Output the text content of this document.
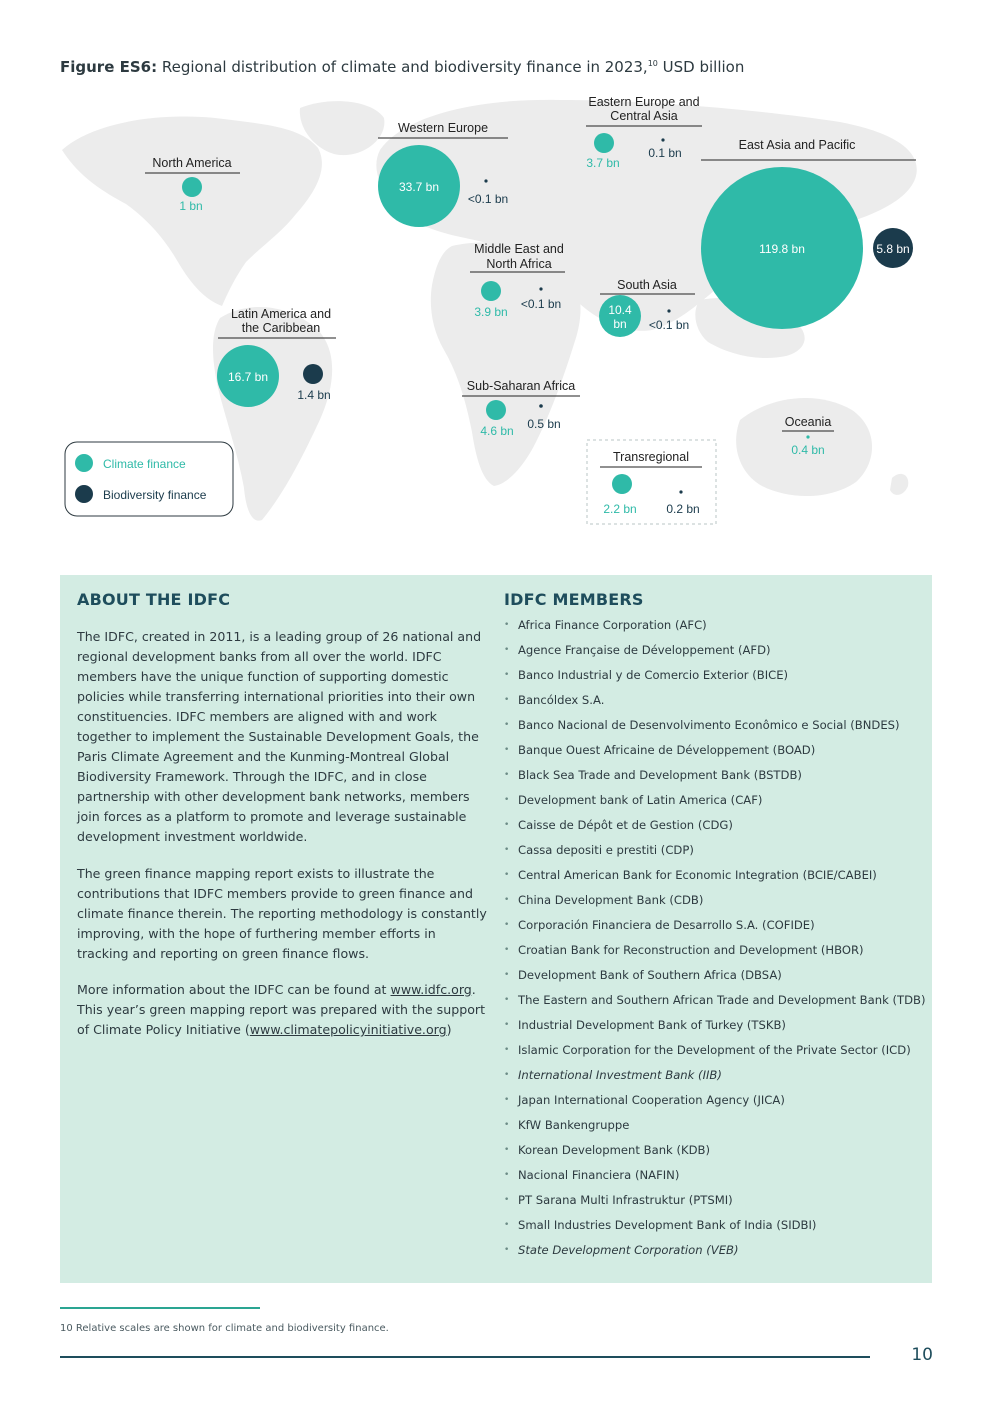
Figure ES6: Regional distribution of climate and biodiversity finance in 2023,10 USD billion
Climate finance
Biodiversity finance
North America
1 bn
Western Europe
33.7 bn
<0.1 bn
Eastern Europe and
Central Asia
3.7 bn
0.1 bn
East Asia and Pacific
119.8 bn	5.8 bn
Middle East and
North Africa
3.9 bn
<0.1 bn
South Asia
10.4
bn <0.1 bn
Latin America and
the Caribbean
16.7 bn
1.4 bn
Sub-Saharan Africa
4.6 bn 0.5 bn	Oceania
0.4 bn
Transregional
2.2 bn 0.2 bn
ABOUT THE IDFC

The IDFC, created in 2011, is a leading group of 26 national and regional development banks from all over the world. IDFC members have the unique function of supporting domestic policies while transferring international priorities into their own constituencies. IDFC members are aligned with and work together to implement the Sustainable Development Goals, the Paris Climate Agreement and the Kunming-Montreal Global Biodiversity Framework. Through the IDFC, and in close partnership with other development bank networks, members join forces as a platform to promote and leverage sustainable development investment worldwide.

The green finance mapping report exists to illustrate the contributions that IDFC members provide to green finance and climate finance therein. The reporting methodology is constantly improving, with the hope of furthering member efforts in tracking and reporting on green finance flows.

More information about the IDFC can be found at www.idfc.org. This year’s green mapping report was prepared with the support of Climate Policy Initiative (www.climatepolicyinitiative.org)

IDFC MEMBERS
• Africa Finance Corporation (AFC)
• Agence Française de Développement (AFD)
• Banco Industrial y de Comercio Exterior (BICE)
• Bancóldex S.A.
• Banco Nacional de Desenvolvimento Econômico e Social (BNDES)
• Banque Ouest Africaine de Développement (BOAD)
• Black Sea Trade and Development Bank (BSTDB)
• Development bank of Latin America (CAF)
• Caisse de Dépôt et de Gestion (CDG)
• Cassa depositi e prestiti (CDP)
• Central American Bank for Economic Integration (BCIE/CABEI)
• China Development Bank (CDB)
• Corporación Financiera de Desarrollo S.A. (COFIDE)
• Croatian Bank for Reconstruction and Development (HBOR)
• Development Bank of Southern Africa (DBSA)
• The Eastern and Southern African Trade and Development Bank (TDB)
• Industrial Development Bank of Turkey (TSKB)
• Islamic Corporation for the Development of the Private Sector (ICD)
• International Investment Bank (IIB)
• Japan International Cooperation Agency (JICA)
• KfW Bankengruppe
• Korean Development Bank (KDB)
• Nacional Financiera (NAFIN)
• PT Sarana Multi Infrastruktur (PTSMI)
• Small Industries Development Bank of India (SIDBI)
• State Development Corporation (VEB)
10 Relative scales are shown for climate and biodiversity finance.
10
